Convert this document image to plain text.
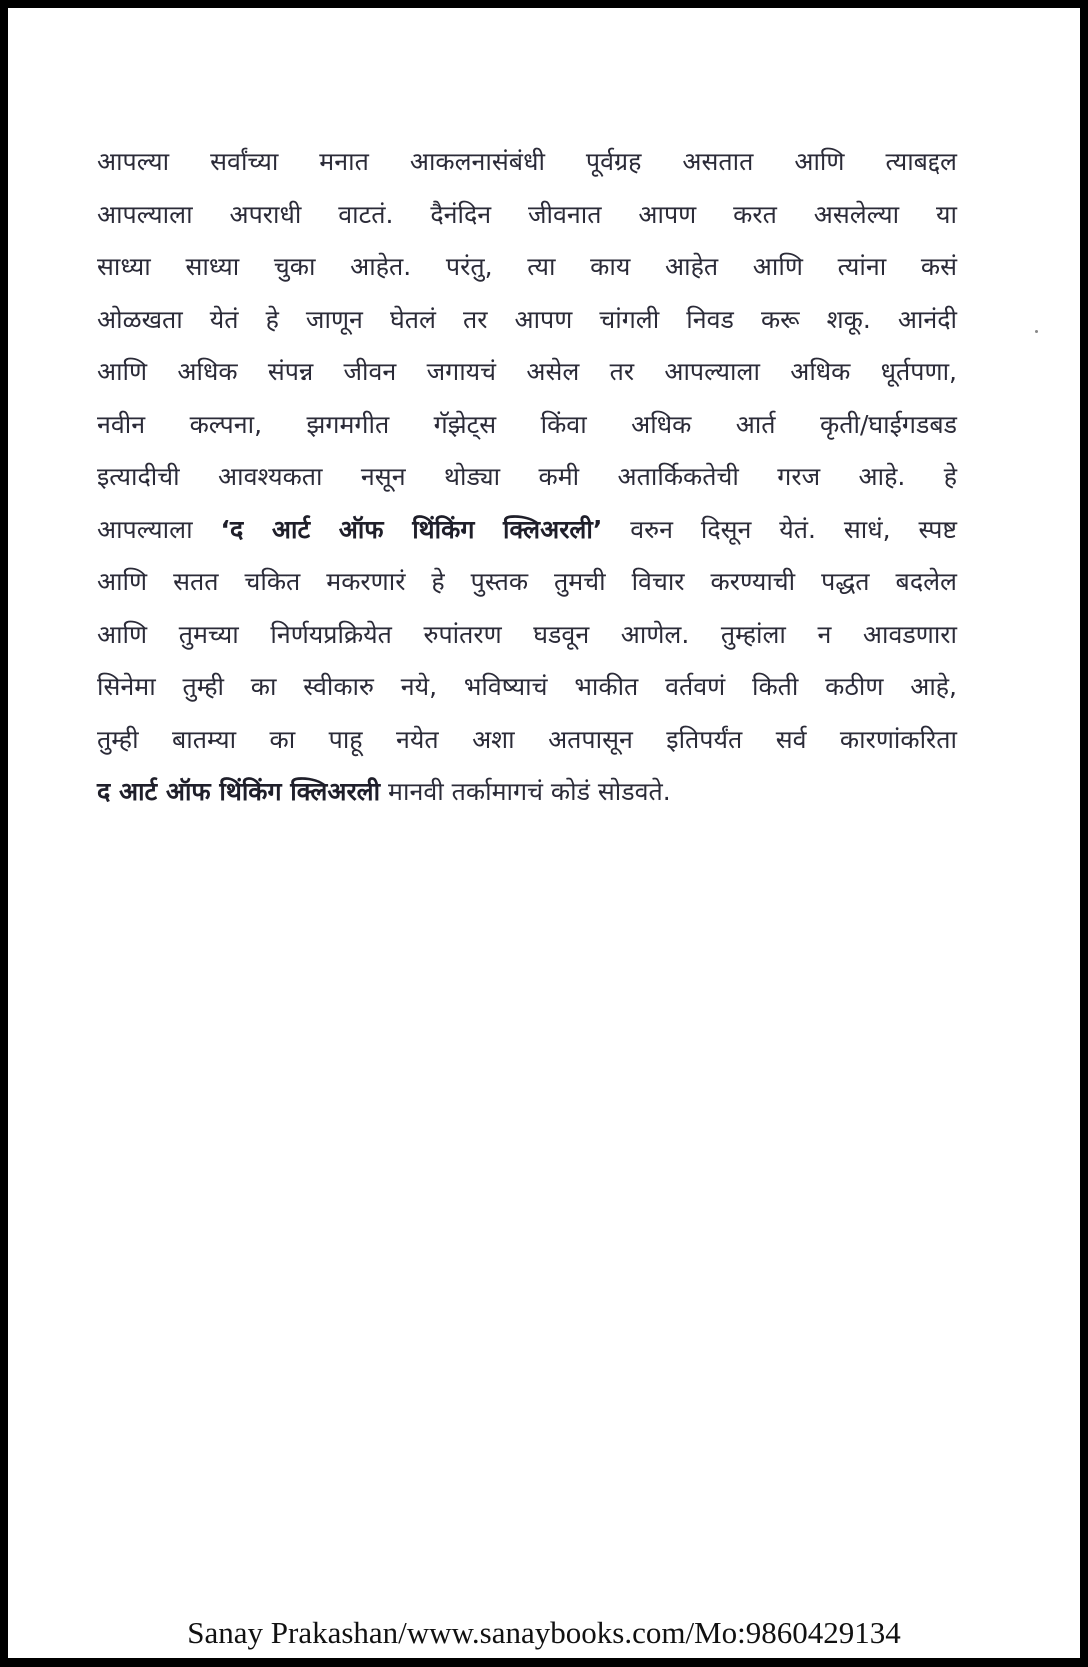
आपल्या सर्वांच्या मनात आकलनासंबंधी पूर्वग्रह असतात आणि त्याबद्दल
आपल्याला अपराधी वाटतं. दैनंदिन जीवनात आपण करत असलेल्या या
साध्या साध्या चुका आहेत. परंतु, त्या काय आहेत आणि त्यांना कसं
ओळखता येतं हे जाणून घेतलं तर आपण चांगली निवड करू शकू. आनंदी
आणि अधिक संपन्न जीवन जगायचं असेल तर आपल्याला अधिक धूर्तपणा,
नवीन कल्पना, झगमगीत गॅझेट्स किंवा अधिक आर्त कृती/घाईगडबड
इत्यादीची आवश्यकता नसून थोड्या कमी अतार्किकतेची गरज आहे. हे
आपल्याला ‘द आर्ट ऑफ थिंकिंग क्लिअरली’ वरुन दिसून येतं. साधं, स्पष्ट
आणि सतत चकित मकरणारं हे पुस्तक तुमची विचार करण्याची पद्धत बदलेल
आणि तुमच्या निर्णयप्रक्रियेत रुपांतरण घडवून आणेल. तुम्हांला न आवडणारा
सिनेमा तुम्ही का स्वीकारु नये, भविष्याचं भाकीत वर्तवणं किती कठीण आहे,
तुम्ही बातम्या का पाहू नयेत अशा अतपासून इतिपर्यंत सर्व कारणांकरिता
द आर्ट ऑफ थिंकिंग क्लिअरली मानवी तर्कामागचं कोडं सोडवते.
Sanay Prakashan/www.sanaybooks.com/Mo:9860429134
